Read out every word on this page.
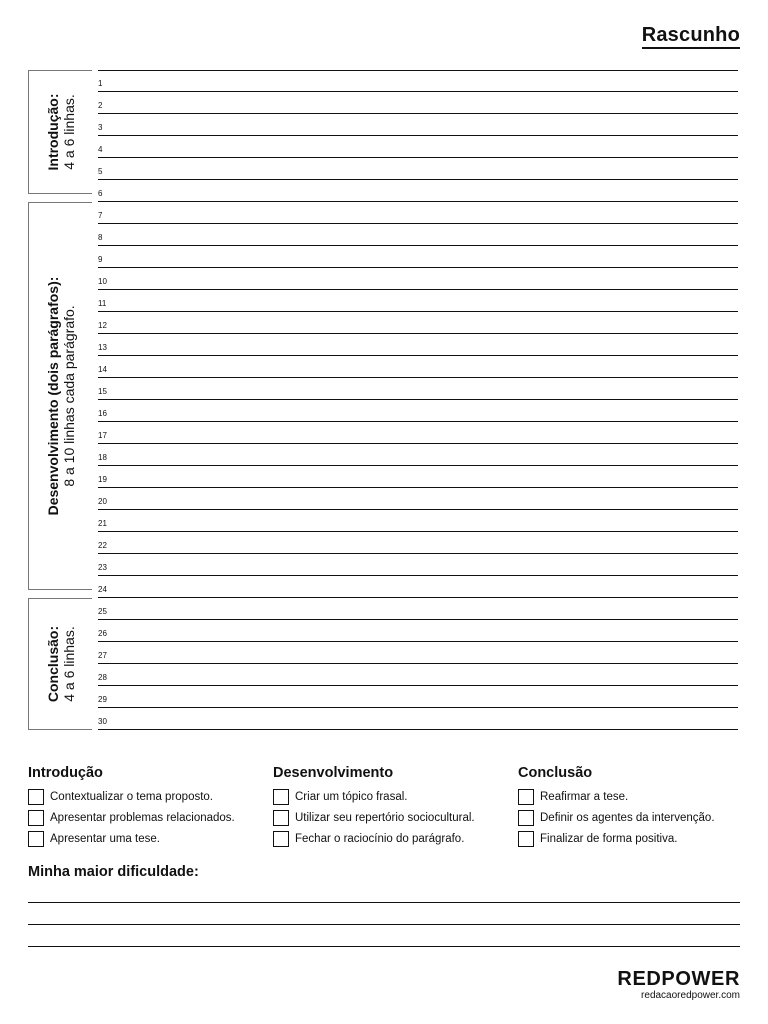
Rascunho
Introdução: 4 a 6 linhas.
Desenvolvimento (dois parágrafos): 8 a 10 linhas cada parágrafo.
Conclusão: 4 a 6 linhas.
1
2
3
4
5
6
7
8
9
10
11
12
13
14
15
16
17
18
19
20
21
22
23
24
25
26
27
28
29
30
Introdução
Contextualizar o tema proposto.
Apresentar problemas relacionados.
Apresentar uma tese.
Desenvolvimento
Criar um tópico frasal.
Utilizar seu repertório sociocultural.
Fechar o raciocínio do parágrafo.
Conclusão
Reafirmar a tese.
Definir os agentes da intervenção.
Finalizar de forma positiva.
Minha maior dificuldade:
REDPOWER
redacaoredpower.com
